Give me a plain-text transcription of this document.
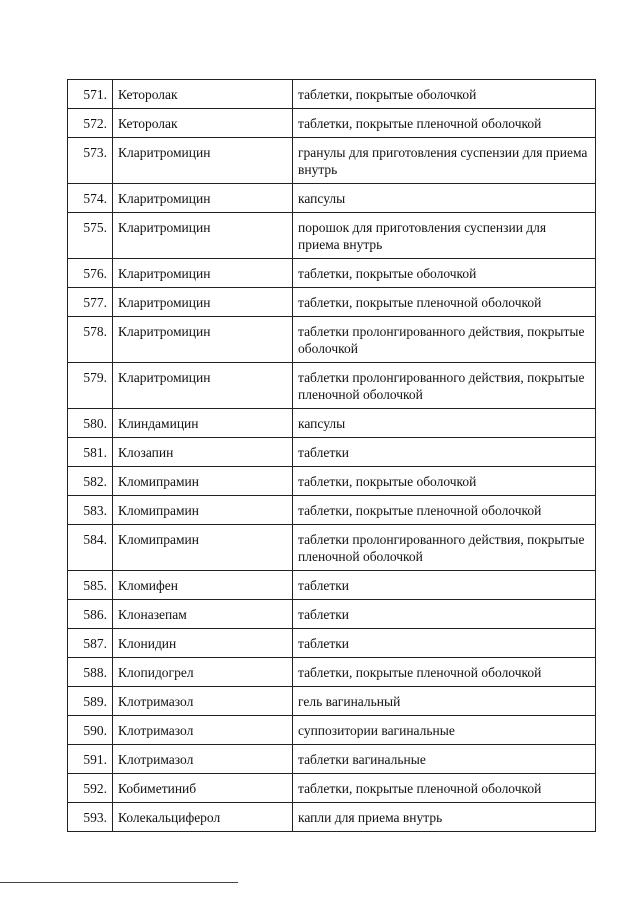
571.	Кеторолак	таблетки, покрытые оболочкой
572.	Кеторолак	таблетки, покрытые пленочной оболочкой
573.	Кларитромицин	гранулы для приготовления суспензии для приема внутрь
574.	Кларитромицин	капсулы
575.	Кларитромицин	порошок для приготовления суспензии для приема внутрь
576.	Кларитромицин	таблетки, покрытые оболочкой
577.	Кларитромицин	таблетки, покрытые пленочной оболочкой
578.	Кларитромицин	таблетки пролонгированного действия, покрытые оболочкой
579.	Кларитромицин	таблетки пролонгированного действия, покрытые пленочной оболочкой
580.	Клиндамицин	капсулы
581.	Клозапин	таблетки
582.	Кломипрамин	таблетки, покрытые оболочкой
583.	Кломипрамин	таблетки, покрытые пленочной оболочкой
584.	Кломипрамин	таблетки пролонгированного действия, покрытые пленочной оболочкой
585.	Кломифен	таблетки
586.	Клоназепам	таблетки
587.	Клонидин	таблетки
588.	Клопидогрел	таблетки, покрытые пленочной оболочкой
589.	Клотримазол	гель вагинальный
590.	Клотримазол	суппозитории вагинальные
591.	Клотримазол	таблетки вагинальные
592.	Кобиметиниб	таблетки, покрытые пленочной оболочкой
593.	Колекальциферол	капли для приема внутрь
